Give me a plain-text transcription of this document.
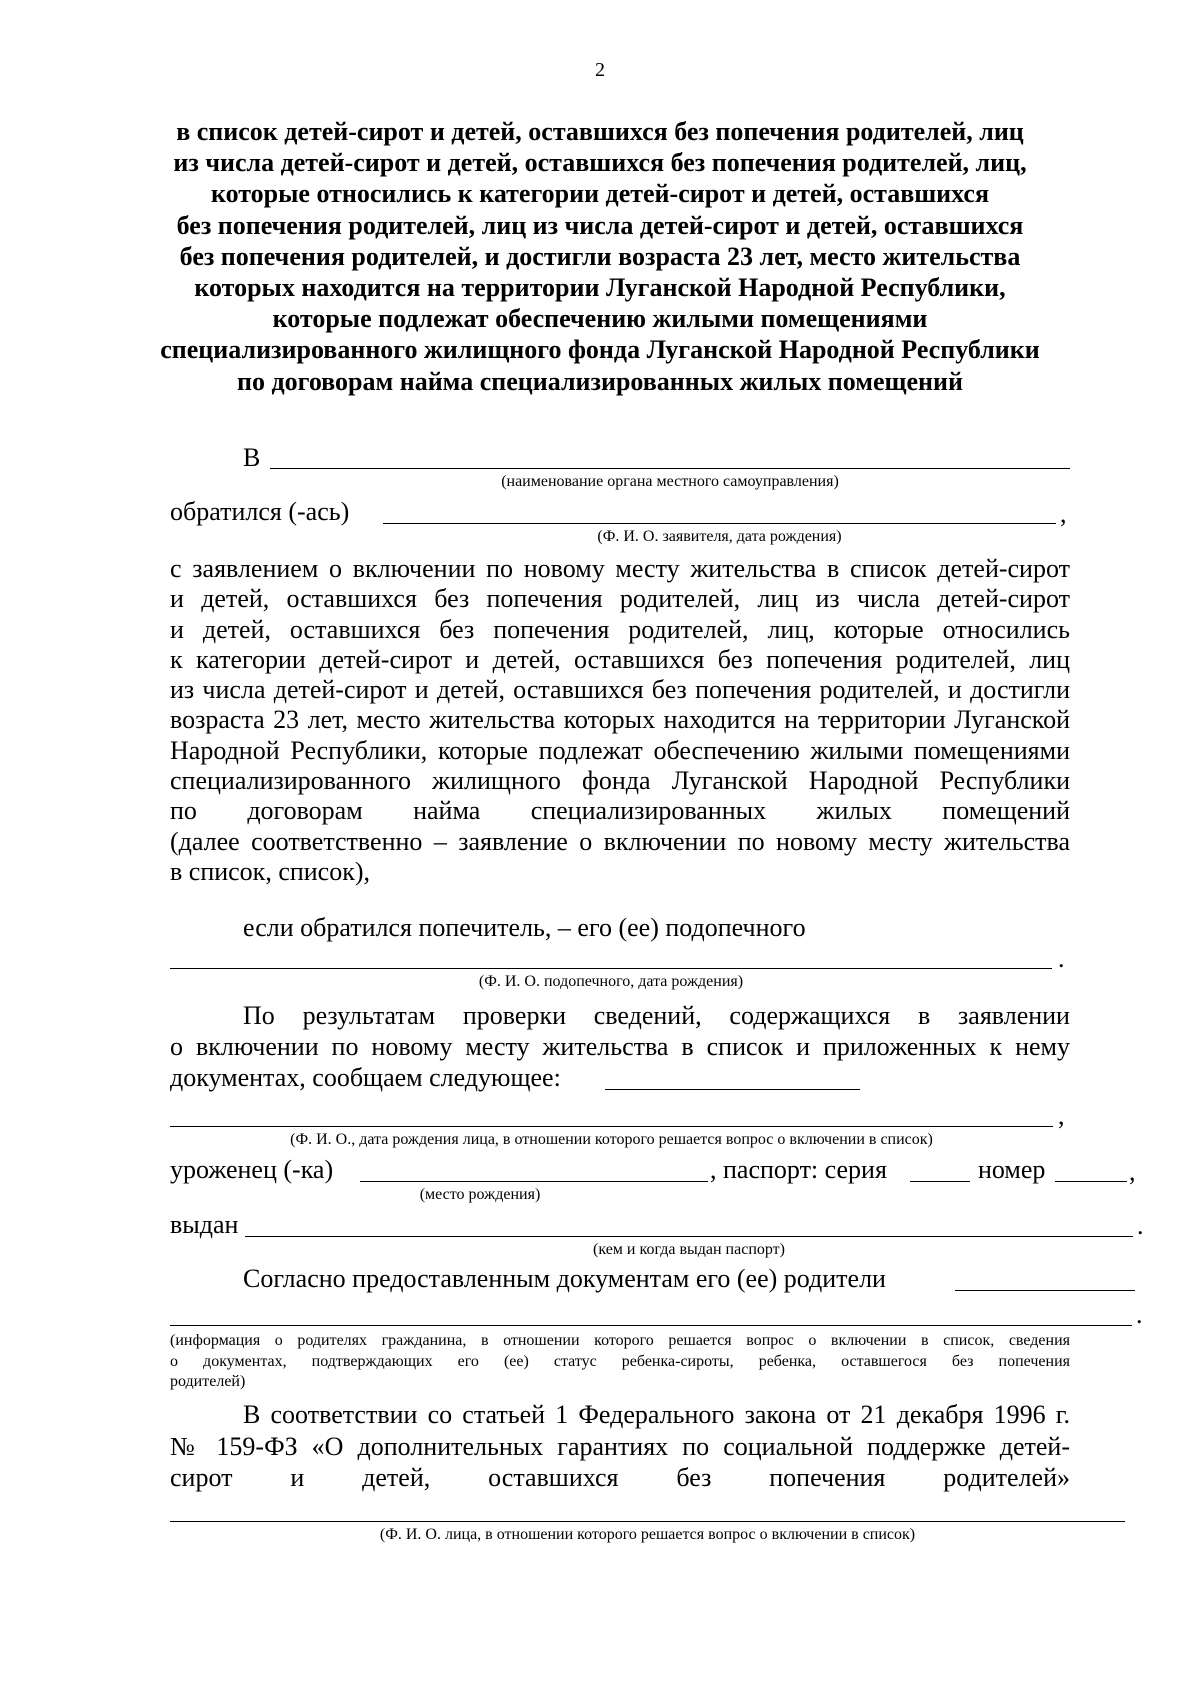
2
в список детей-сирот и детей, оставшихся без попечения родителей, лиц
из числа детей-сирот и детей, оставшихся без попечения родителей, лиц,
которые относились к категории детей-сирот и детей, оставшихся
без попечения родителей, лиц из числа детей-сирот и детей, оставшихся
без попечения родителей, и достигли возраста 23 лет, место жительства
которых находится на территории Луганской Народной Республики,
которые подлежат обеспечению жилыми помещениями
специализированного жилищного фонда Луганской Народной Республики
по договорам найма специализированных жилых помещений
В
(наименование органа местного самоуправления)
обратился (-ась)	,
(Ф. И. О. заявителя, дата рождения)
с заявлением о включении по новому месту жительства в список детей-сирот
и детей, оставшихся без попечения родителей, лиц из числа детей-сирот
и детей, оставшихся без попечения родителей, лиц, которые относились
к категории детей-сирот и детей, оставшихся без попечения родителей, лиц
из числа детей-сирот и детей, оставшихся без попечения родителей, и достигли
возраста 23 лет, место жительства которых находится на территории Луганской
Народной Республики, которые подлежат обеспечению жилыми помещениями
специализированного жилищного фонда Луганской Народной Республики
по договорам найма специализированных жилых помещений
(далее соответственно – заявление о включении по новому месту жительства
в список, список),
если обратился попечитель, – его (ее) подопечного
.
(Ф. И. О. подопечного, дата рождения)
По результатам проверки сведений, содержащихся в заявлении
о включении по новому месту жительства в список и приложенных к нему
документах, сообщаем следующее:
,
(Ф. И. О., дата рождения лица, в отношении которого решается вопрос о включении в список)
уроженец (-ка)
(место рождения)
, паспорт: серия	номер	,
выдан	.
(кем и когда выдан паспорт)
Согласно предоставленным документам его (ее) родители
.
(информация о родителях гражданина, в отношении которого решается вопрос о включении в список, сведения
о документах, подтверждающих его (ее) статус ребенка-сироты, ребенка, оставшегося без попечения
родителей)
В соответствии со статьей 1 Федерального закона от 21 декабря 1996 г.
№ 159-ФЗ «О дополнительных гарантиях по социальной поддержке детей-
сирот и детей, оставшихся без попечения родителей»
(Ф. И. О. лица, в отношении которого решается вопрос о включении в список)
